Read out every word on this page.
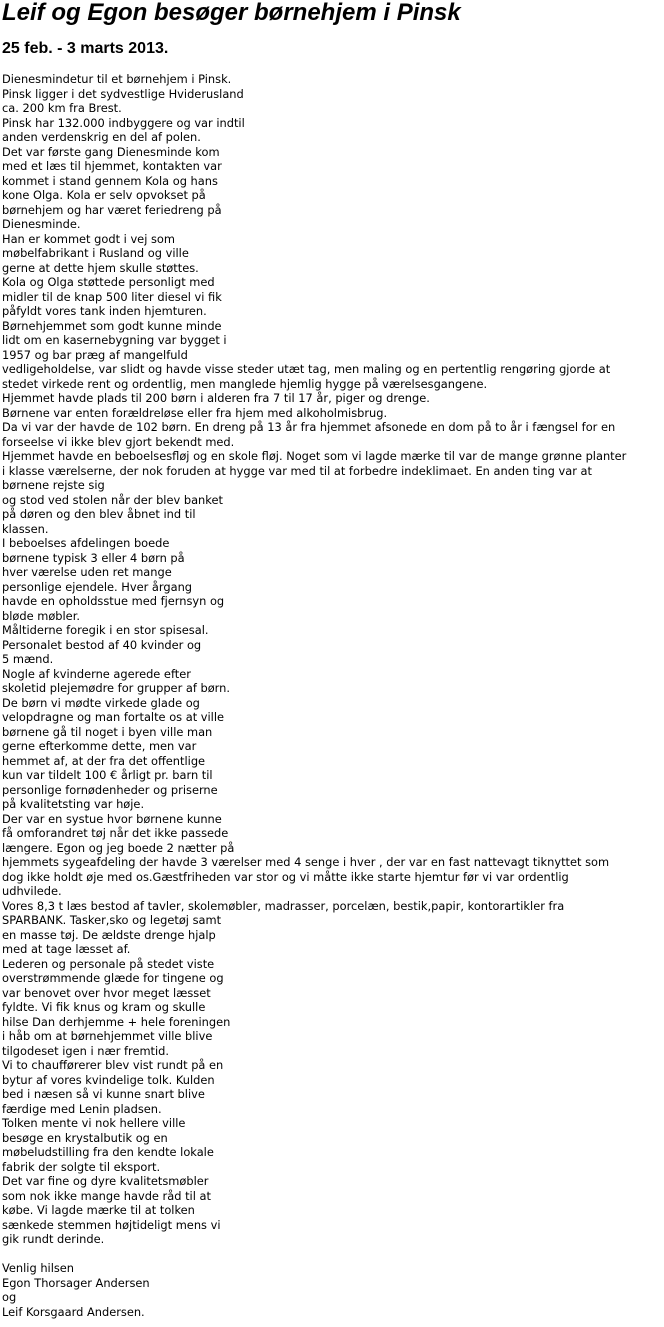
Leif og Egon besøger børnehjem i Pinsk
25 feb. - 3 marts 2013.
Dienesmindetur til et børnehjem i Pinsk.
Pinsk ligger i det sydvestlige Hviderusland
ca. 200 km fra Brest.
Pinsk har 132.000 indbyggere og var indtil
anden verdenskrig en del af polen.
Det var første gang Dienesminde kom
med et læs til hjemmet, kontakten var
kommet i stand gennem Kola og hans
kone Olga. Kola er selv opvokset på
børnehjem og har været feriedreng på
Dienesminde.
Han er kommet godt i vej som
møbelfabrikant i Rusland og ville
gerne at dette hjem skulle støttes.
Kola og Olga støttede personligt med
midler til de knap 500 liter diesel vi fik
påfyldt vores tank inden hjemturen.
Børnehjemmet som godt kunne minde
lidt om en kasernebygning var bygget i
1957 og bar præg af mangelfuld
vedligeholdelse, var slidt og havde visse steder utæt tag, men maling og en pertentlig rengøring gjorde at
stedet virkede rent og ordentlig, men manglede hjemlig hygge på værelsesgangene.
Hjemmet havde plads til 200 børn i alderen fra 7 til 17 år, piger og drenge.
Børnene var enten forældreløse eller fra hjem med alkoholmisbrug.
Da vi var der havde de 102 børn. En dreng på 13 år fra hjemmet afsonede en dom på to år i fængsel for en
forseelse vi ikke blev gjort bekendt med.
Hjemmet havde en beboelsesfløj og en skole fløj. Noget som vi lagde mærke til var de mange grønne planter
i klasse værelserne, der nok foruden at hygge var med til at forbedre indeklimaet. En anden ting var at
børnene rejste sig
og stod ved stolen når der blev banket
på døren og den blev åbnet ind til
klassen.
I beboelses afdelingen boede
børnene typisk 3 eller 4 børn på
hver værelse uden ret mange
personlige ejendele. Hver årgang
havde en opholdsstue med fjernsyn og
bløde møbler.
Måltiderne foregik i en stor spisesal.
Personalet bestod af 40 kvinder og
5 mænd.
Nogle af kvinderne agerede efter
skoletid plejemødre for grupper af børn.
De børn vi mødte virkede glade og
velopdragne og man fortalte os at ville
børnene gå til noget i byen ville man
gerne efterkomme dette, men var
hemmet af, at der fra det offentlige
kun var tildelt 100 € årligt pr. barn til
personlige fornødenheder og priserne
på kvalitetsting var høje.
Der var en systue hvor børnene kunne
få omforandret tøj når det ikke passede
længere. Egon og jeg boede 2 nætter på
hjemmets sygeafdeling der havde 3 værelser med 4 senge i hver , der var en fast nattevagt tiknyttet som
dog ikke holdt øje med os.Gæstfriheden var stor og vi måtte ikke starte hjemtur før vi var ordentlig
udhvilede.
Vores 8,3 t læs bestod af tavler, skolemøbler, madrasser, porcelæn, bestik,papir, kontorartikler fra
SPARBANK. Tasker,sko og legetøj samt
en masse tøj. De ældste drenge hjalp
med at tage læsset af.
Lederen og personale på stedet viste
overstrømmende glæde for tingene og
var benovet over hvor meget læsset
fyldte. Vi fik knus og kram og skulle
hilse Dan derhjemme + hele foreningen
i håb om at børnehjemmet ville blive
tilgodeset igen i nær fremtid.
Vi to chaufførerer blev vist rundt på en
bytur af vores kvindelige tolk. Kulden
bed i næsen så vi kunne snart blive
færdige med Lenin pladsen.
Tolken mente vi nok hellere ville
besøge en krystalbutik og en
møbeludstilling fra den kendte lokale
fabrik der solgte til eksport.
Det var fine og dyre kvalitetsmøbler
som nok ikke mange havde råd til at
købe. Vi lagde mærke til at tolken
sænkede stemmen højtideligt mens vi
gik rundt derinde.
Venlig hilsen
Egon Thorsager Andersen
og
Leif Korsgaard Andersen.
